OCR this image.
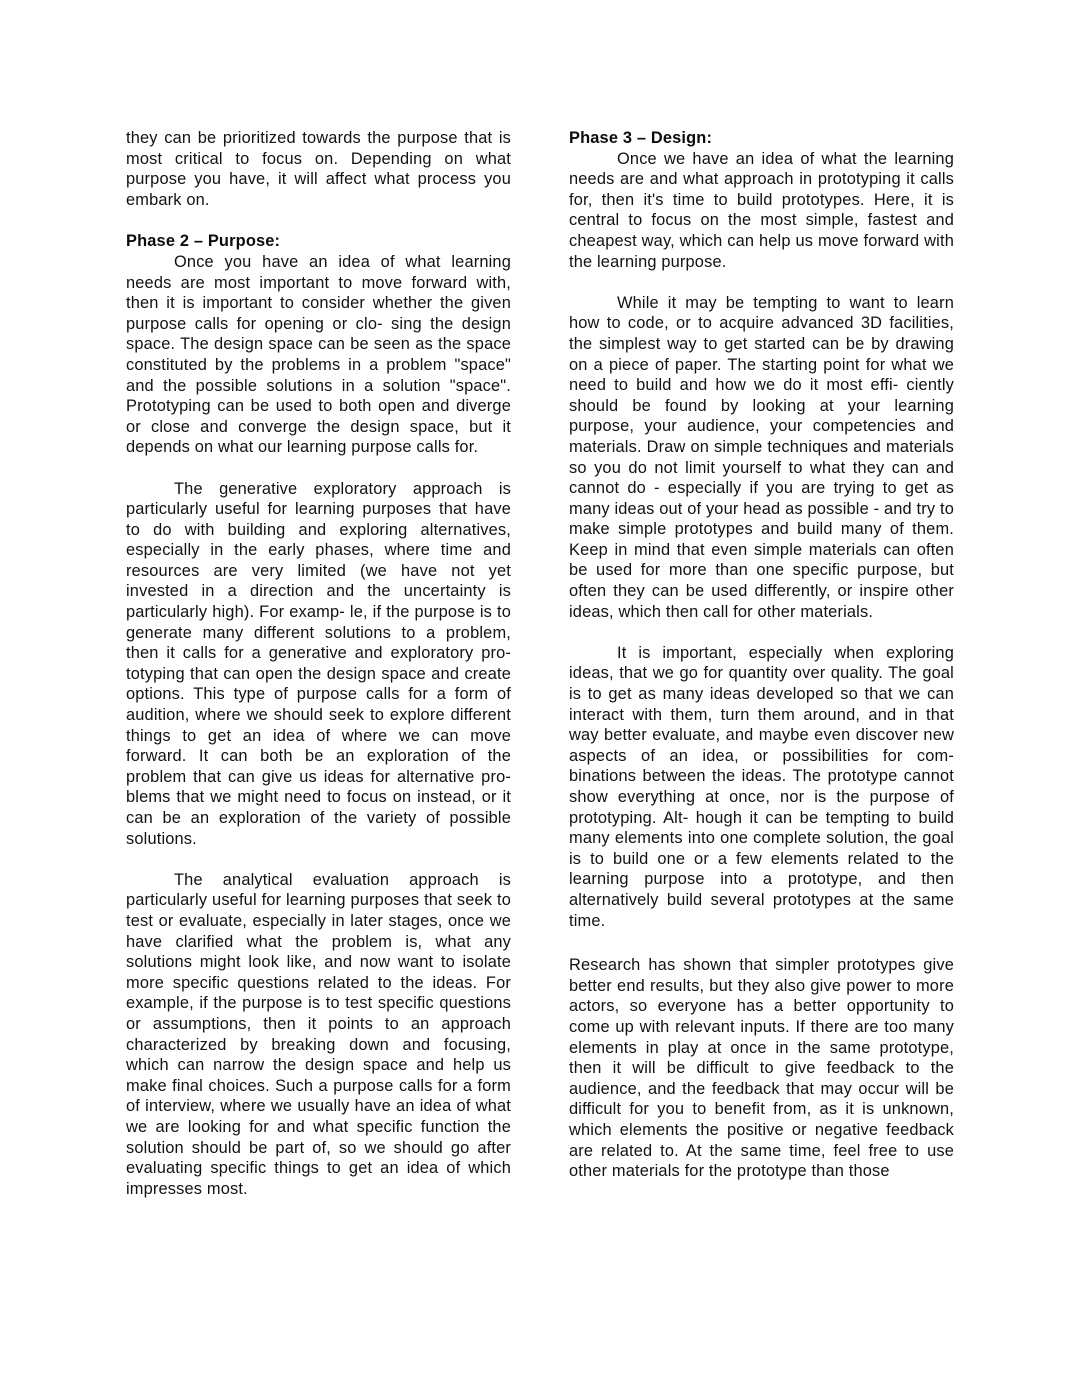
they can be prioritized towards the purpose that is most critical to focus on. Depending on what purpose you have, it will affect what process you embark on.

Phase 2 – Purpose:

Once you have an idea of what learning needs are most important to move forward with, then it is important to consider whether the given purpose calls for opening or clo- sing the design space. The design space can be seen as the space constituted by the problems in a problem "space" and the possible solutions in a solution "space". Prototyping can be used to both open and diverge or close and converge the design space, but it depends on what our learning purpose calls for.

The generative exploratory approach is particularly useful for learning purposes that have to do with building and exploring alternatives, especially in the early phases, where time and resources are very limited (we have not yet invested in a direction and the uncertainty is particularly high). For examp- le, if the purpose is to generate many different solutions to a problem, then it calls for a generative and exploratory pro- totyping that can open the design space and create options. This type of purpose calls for a form of audition, where we should seek to explore different things to get an idea of where we can move forward. It can both be an exploration of the problem that can give us ideas for alternative pro- blems that we might need to focus on instead, or it can be an exploration of the variety of possible solutions.

The analytical evaluation approach is particularly useful for learning purposes that seek to test or evaluate, especially in later stages, once we have clarified what the problem is, what any solutions might look like, and now want to isolate more specific questions related to the ideas. For example, if the purpose is to test specific questions or assumptions, then it points to an approach characterized by breaking down and focusing, which can narrow the design space and help us make final choices. Such a purpose calls for a form of interview, where we usually have an idea of what we are looking for and what specific function the solution should be part of, so we should go after evaluating specific things to get an idea of which impresses most.

Phase 3 – Design:

Once we have an idea of what the learning needs are and what approach in prototyping it calls for, then it's time to build prototypes. Here, it is central to focus on the most simple, fastest and cheapest way, which can help us move forward with the learning purpose.

While it may be tempting to want to learn how to code, or to acquire advanced 3D facilities, the simplest way to get started can be by drawing on a piece of paper. The starting point for what we need to build and how we do it most effi- ciently should be found by looking at your learning purpose, your audience, your competencies and materials. Draw on simple techniques and materials so you do not limit yourself to what they can and cannot do - especially if you are trying to get as many ideas out of your head as possible - and try to make simple prototypes and build many of them. Keep in mind that even simple materials can often be used for more than one specific purpose, but often they can be used differently, or inspire other ideas, which then call for other materials.

It is important, especially when exploring ideas, that we go for quantity over quality. The goal is to get as many ideas developed so that we can interact with them, turn them around, and in that way better evaluate, and maybe even discover new aspects of an idea, or possibilities for com- binations between the ideas. The prototype cannot show everything at once, nor is the purpose of prototyping. Alt- hough it can be tempting to build many elements into one complete solution, the goal is to build one or a few elements related to the learning purpose into a prototype, and then alternatively build several prototypes at the same time.

Research has shown that simpler prototypes give better end results, but they also give power to more actors, so everyone has a better opportunity to come up with relevant inputs. If there are too many elements in play at once in the same prototype, then it will be difficult to give feedback to the audience, and the feedback that may occur will be difficult for you to benefit from, as it is unknown, which elements the positive or negative feedback are related to. At the same time, feel free to use other materials for the prototype than those
